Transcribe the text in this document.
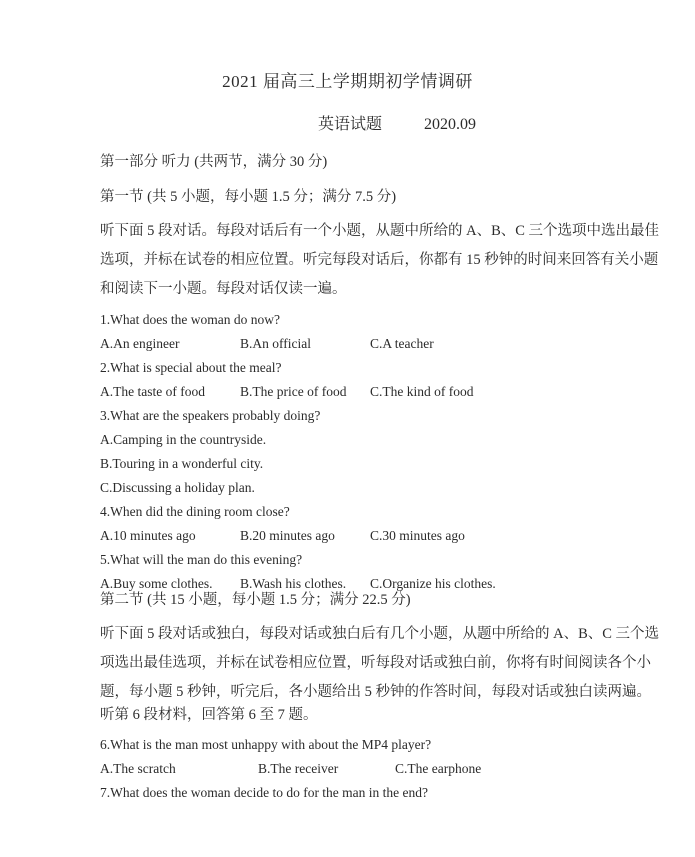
2021 届高三上学期期初学情调研
英语试题	2020.09
第一部分 听力 (共两节，满分 30 分)
第一节 (共 5 小题，每小题 1.5 分；满分 7.5 分)
听下面 5 段对话。每段对话后有一个小题，从题中所给的 A、B、C 三个选项中选出最佳
选项，并标在试卷的相应位置。听完每段对话后，你都有 15 秒钟的时间来回答有关小题
和阅读下一小题。每段对话仅读一遍。
1.What does the woman do now?
A.An engineer	B.An official	C.A teacher
2.What is special about the meal?
A.The taste of food	B.The price of food C.The kind of food
3.What are the speakers probably doing?
A.Camping in the countryside.
B.Touring in a wonderful city.
C.Discussing a holiday plan.
4.When did the dining room close?
A.10 minutes ago	B.20 minutes ago	C.30 minutes ago
5.What will the man do this evening?
A.Buy some clothes. B.Wash his clothes. C.Organize his clothes.
第二节 (共 15 小题，每小题 1.5 分；满分 22.5 分)
听下面 5 段对话或独白，每段对话或独白后有几个小题，从题中所给的 A、B、C 三个选
项选出最佳选项，并标在试卷相应位置，听每段对话或独白前，你将有时间阅读各个小
题，每小题 5 秒钟，听完后，各小题给出 5 秒钟的作答时间，每段对话或独白读两遍。
听第 6 段材料，回答第 6 至 7 题。
6.What is the man most unhappy with about the MP4 player?
A.The scratch	B.The receiver	C.The earphone
7.What does the woman decide to do for the man in the end?
